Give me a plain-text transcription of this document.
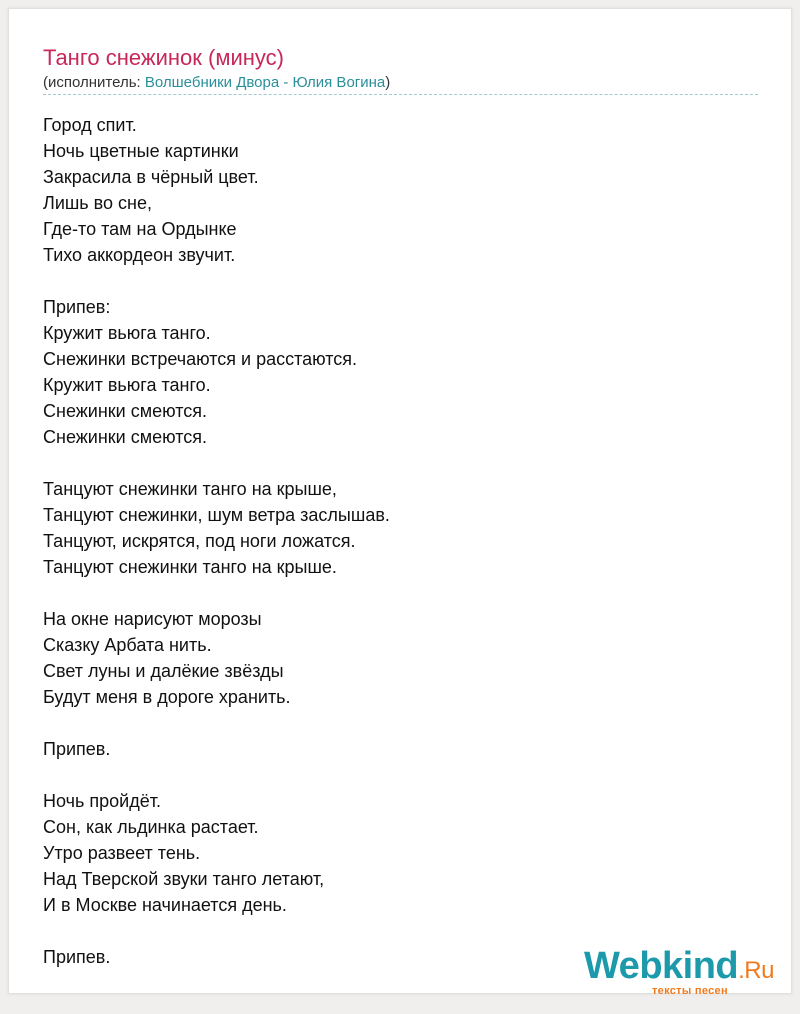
Танго снежинок (минус)
(исполнитель: Волшебники Двора - Юлия Вогина)
Город спит.
Ночь цветные картинки
Закрасила в чёрный цвет.
Лишь во сне,
Где-то там на Ордынке
Тихо аккордеон звучит.
Припев:
Кружит вьюга танго.
Снежинки встречаются и расстаются.
Кружит вьюга танго.
Снежинки смеются.
Снежинки смеются.
Танцуют снежинки танго на крыше,
Танцуют снежинки, шум ветра заслышав.
Танцуют, искрятся, под ноги ложатся.
Танцуют снежинки танго на крыше.
На окне нарисуют морозы
Сказку Арбата нить.
Свет луны и далёкие звёзды
Будут меня в дороге хранить.
Припев.
Ночь пройдёт.
Сон, как льдинка растает.
Утро развеет тень.
Над Тверской звуки танго летают,
И в Москве начинается день.
Припев.	Webkind.Ru
тексты песен
